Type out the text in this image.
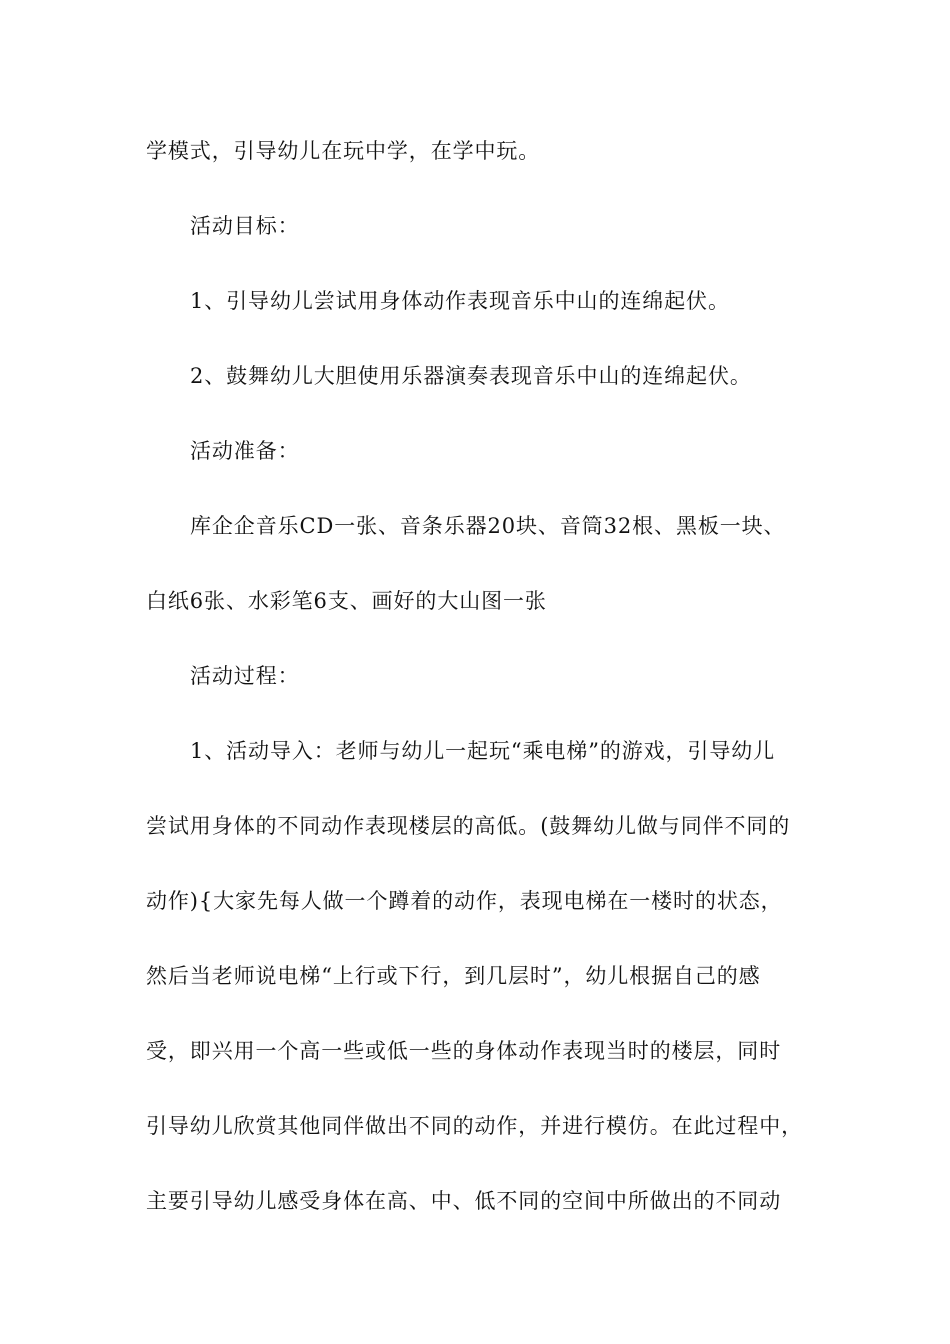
学模式，引导幼儿在玩中学，在学中玩。
活动目标：
1、引导幼儿尝试用身体动作表现音乐中山的连绵起伏。
2、鼓舞幼儿大胆使用乐器演奏表现音乐中山的连绵起伏。
活动准备：
库企企音乐CD一张、音条乐器20块、音筒32根、黑板一块、
白纸6张、水彩笔6支、画好的大山图一张
活动过程：
1、活动导入：老师与幼儿一起玩“乘电梯”的游戏，引导幼儿
尝试用身体的不同动作表现楼层的高低。(鼓舞幼儿做与同伴不同的
动作){大家先每人做一个蹲着的动作，表现电梯在一楼时的状态，
然后当老师说电梯“上行或下行，到几层时”，幼儿根据自己的感
受，即兴用一个高一些或低一些的身体动作表现当时的楼层，同时
引导幼儿欣赏其他同伴做出不同的动作，并进行模仿。在此过程中，
主要引导幼儿感受身体在高、中、低不同的空间中所做出的不同动
